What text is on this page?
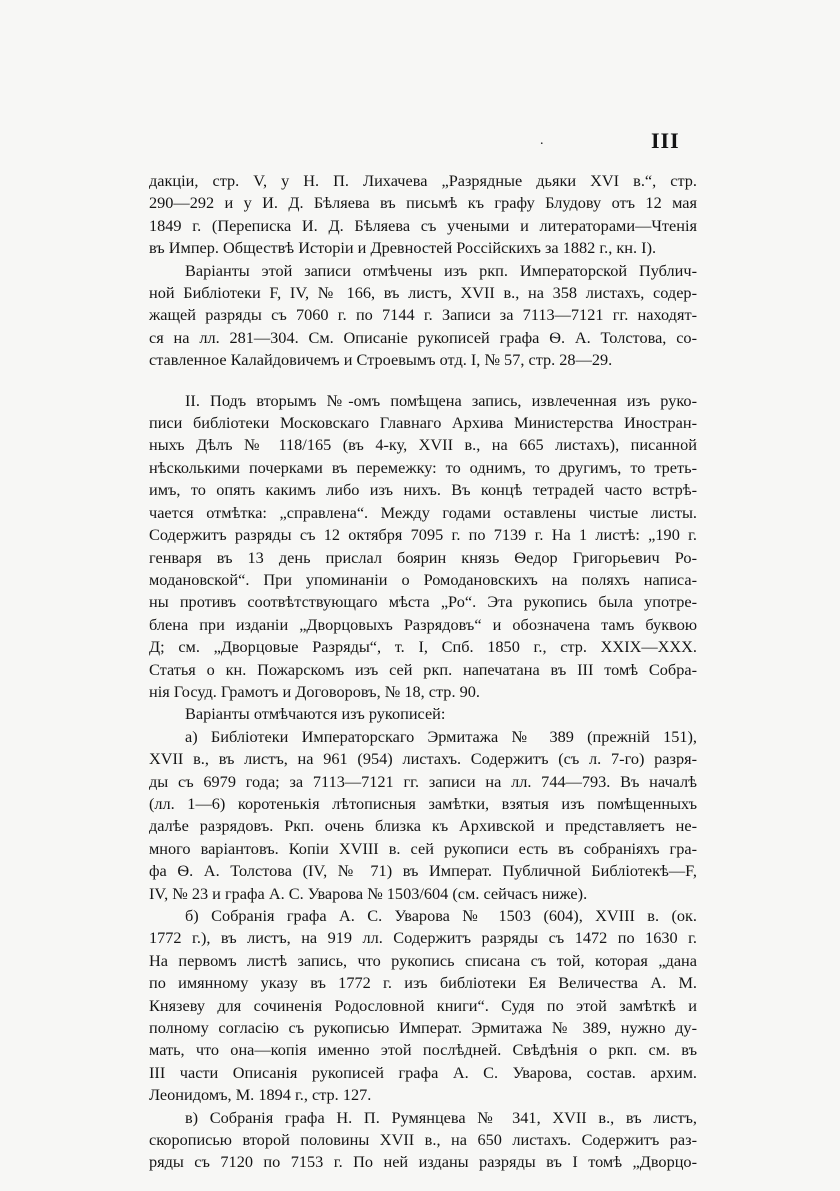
.	III
дакціи, стр. V, у Н. П. Лихачева „Разрядные дьяки XVI в.“, стр.
290—292 и у И. Д. Бѣляева въ письмѣ къ графу Блудову отъ 12 мая
1849 г. (Переписка И. Д. Бѣляева съ учеными и литераторами—Чтенія
въ Импер. Обществѣ Исторіи и Древностей Россійскихъ за 1882 г., кн. I).
Варіанты этой записи отмѣчены изъ ркп. Императорской Публич-
ной Библіотеки F, IV, № 166, въ листъ, XVII в., на 358 листахъ, содер-
жащей разряды съ 7060 г. по 7144 г. Записи за 7113—7121 гг. находят-
ся на лл. 281—304. См. Описаніе рукописей графа Ѳ. А. Толстова, со-
ставленное Калайдовичемъ и Строевымъ отд. I, № 57, стр. 28—29.
II. Подъ вторымъ №-омъ помѣщена запись, извлеченная изъ руко-
писи библіотеки Московскаго Главнаго Архива Министерства Иностран-
ныхъ Дѣлъ № 118/165 (въ 4-ку, XVII в., на 665 листахъ), писанной
нѣсколькими почерками въ перемежку: то однимъ, то другимъ, то треть-
имъ, то опять какимъ либо изъ нихъ. Въ концѣ тетрадей часто встрѣ-
чается отмѣтка: „справлена“. Между годами оставлены чистые листы.
Содержитъ разряды съ 12 октября 7095 г. по 7139 г. На 1 листѣ: „190 г.
генваря въ 13 день прислал боярин князь Ѳедор Григорьевич Ро-
модановской“. При упоминаніи о Ромодановскихъ на поляхъ написа-
ны противъ соотвѣтствующаго мѣста „Ро“. Эта рукопись была употре-
блена при изданіи „Дворцовыхъ Разрядовъ“ и обозначена тамъ буквою
Д; см. „Дворцовые Разряды“, т. I, Спб. 1850 г., стр. XXIX—XXX.
Статья о кн. Пожарскомъ изъ сей ркп. напечатана въ III томѣ Собра-
нія Госуд. Грамотъ и Договоровъ, № 18, стр. 90.
Варіанты отмѣчаются изъ рукописей:
а) Библіотеки Императорскаго Эрмитажа № 389 (прежній 151),
XVII в., въ листъ, на 961 (954) листахъ. Содержитъ (съ л. 7-го) разря-
ды съ 6979 года; за 7113—7121 гг. записи на лл. 744—793. Въ началѣ
(лл. 1—6) коротенькія лѣтописныя замѣтки, взятыя изъ помѣщенныхъ
далѣе разрядовъ. Ркп. очень близка къ Архивской и представляетъ не-
много варіантовъ. Копіи XVIII в. сей рукописи есть въ собраніяхъ гра-
фа Ѳ. А. Толстова (IV, № 71) въ Императ. Публичной Библіотекѣ—F,
IV, № 23 и графа А. С. Уварова № 1503/604 (см. сейчасъ ниже).
б) Собранія графа А. С. Уварова № 1503 (604), XVIII в. (ок.
1772 г.), въ листъ, на 919 лл. Содержитъ разряды съ 1472 по 1630 г.
На первомъ листѣ запись, что рукопись списана съ той, которая „дана
по имянному указу въ 1772 г. изъ библіотеки Ея Величества А. М.
Князеву для сочиненія Родословной книги“. Судя по этой замѣткѣ и
полному согласію съ рукописью Императ. Эрмитажа № 389, нужно ду-
мать, что она—копія именно этой послѣдней. Свѣдѣнія о ркп. см. въ
III части Описанія рукописей графа А. С. Уварова, состав. архим.
Леонидомъ, М. 1894 г., стр. 127.
в) Собранія графа Н. П. Румянцева № 341, XVII в., въ листъ,
скорописью второй половины XVII в., на 650 листахъ. Содержитъ раз-
ряды съ 7120 по 7153 г. По ней изданы разряды въ I томѣ „Дворцо-
